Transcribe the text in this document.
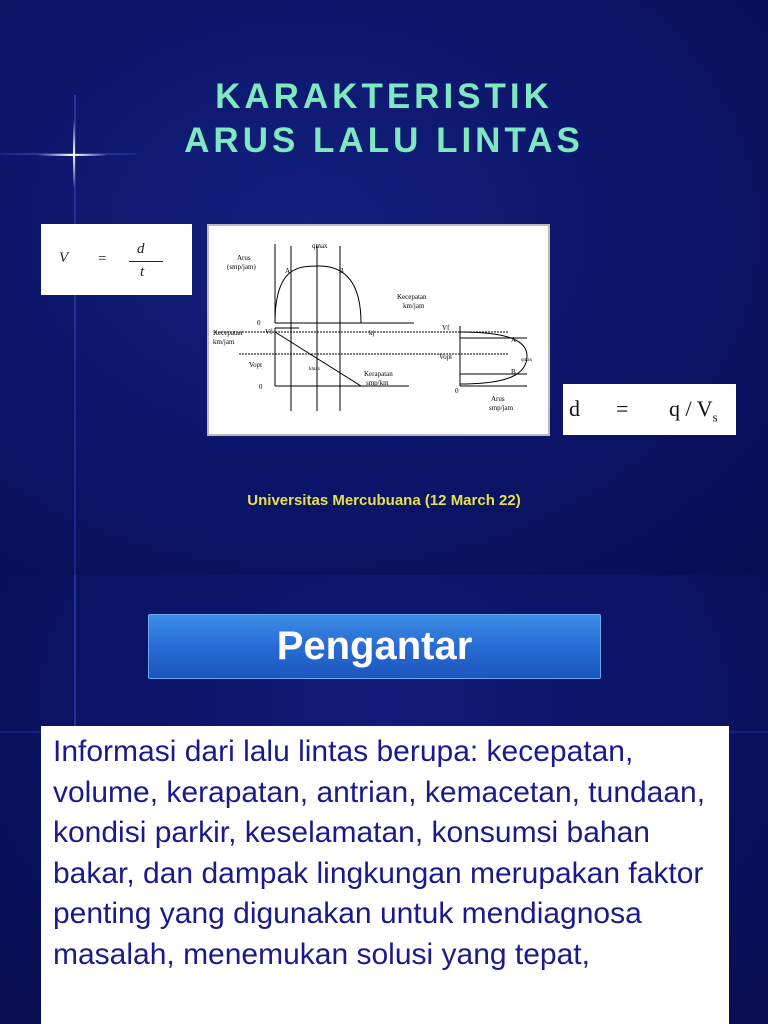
KARAKTERISTIK
ARUS LALU LINTAS
V =
d
t
Arus
(smp/jam)
qmax
A	B
Kecepatan
km/jam
0
Kecepatan
km/jam
Vf
Vopt
kmax
kj
Kerapatan
smp/km
0
Vf
Vopt
A
B
qmax
Arus
smp/jam
0
$d = q / V_s$
Universitas Mercubuana (12 March 22)
Pengantar
Informasi dari lalu lintas berupa: kecepatan, volume, kerapatan, antrian, kemacetan, tundaan, kondisi parkir, keselamatan, konsumsi bahan bakar, dan dampak lingkungan merupakan faktor penting yang digunakan untuk mendiagnosa masalah, menemukan solusi yang tepat,
